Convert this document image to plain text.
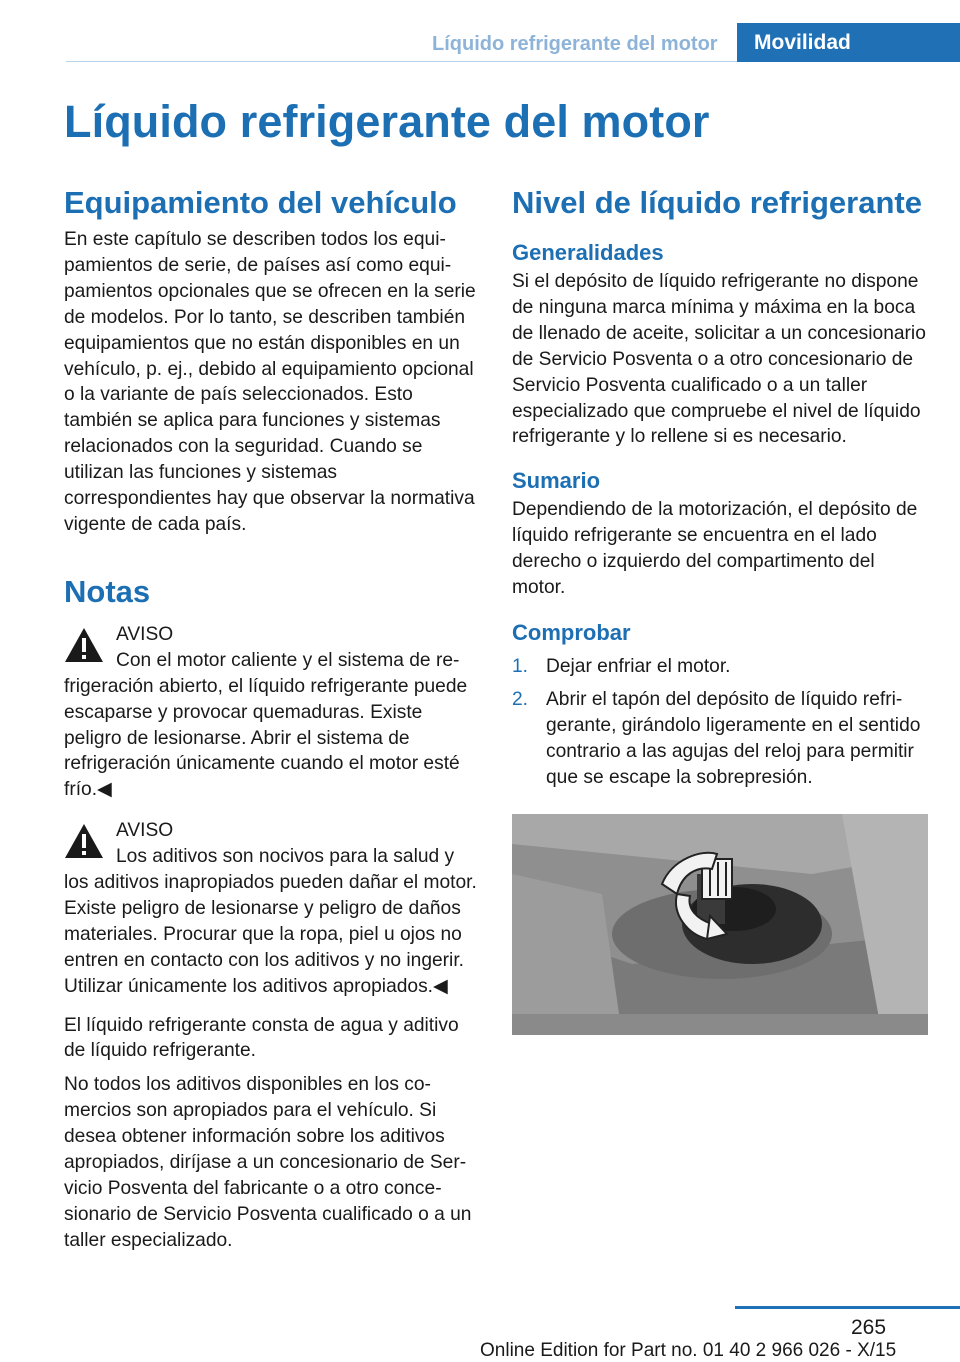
Líquido refrigerante del motor	Movilidad
Líquido refrigerante del motor
Equipamiento del vehículo

En este capítulo se describen todos los equipamientos de serie, de países así como equipamientos opcionales que se ofrecen en la serie de modelos. Por lo tanto, se describen también equipamientos que no están disponibles en un vehículo, p. ej., debido al equipamiento opcional o la variante de país seleccionados. Esto también se aplica para funciones y sistemas relacionados con la seguridad. Cuando se utilizan las funciones y sistemas correspondientes hay que observar la normativa vigente de cada país.

Notas

AVISO

Con el motor caliente y el sistema de refrigeración abierto, el líquido refrigerante puede escaparse y provocar quemaduras. Existe peligro de lesionarse. Abrir el sistema de refrigeración únicamente cuando el motor esté frío.◀

AVISO

Los aditivos son nocivos para la salud y los aditivos inapropiados pueden dañar el motor. Existe peligro de lesionarse y peligro de daños materiales. Procurar que la ropa, piel u ojos no entren en contacto con los aditivos y no ingerir. Utilizar únicamente los aditivos apropiados.◀

El líquido refrigerante consta de agua y aditivo de líquido refrigerante.

No todos los aditivos disponibles en los comercios son apropiados para el vehículo. Si desea obtener información sobre los aditivos apropiados, diríjase a un concesionario de Servicio Posventa del fabricante o a otro concesionario de Servicio Posventa cualificado o a un taller especializado.

Nivel de líquido refrigerante
Generalidades

Si el depósito de líquido refrigerante no dispone de ninguna marca mínima y máxima en la boca de llenado de aceite, solicitar a un concesionario de Servicio Posventa o a otro concesionario de Servicio Posventa cualificado o a un taller especializado que compruebe el nivel de líquido refrigerante y lo rellene si es necesario.

Sumario

Dependiendo de la motorización, el depósito de líquido refrigerante se encuentra en el lado derecho o izquierdo del compartimento del motor.

Comprobar
1. Dejar enfriar el motor.
2. Abrir el tapón del depósito de líquido refrigerante, girándolo ligeramente en el sentido contrario a las agujas del reloj para permitir que se escape la sobrepresión.
265
Online Edition for Part no. 01 40 2 966 026 - X/15
